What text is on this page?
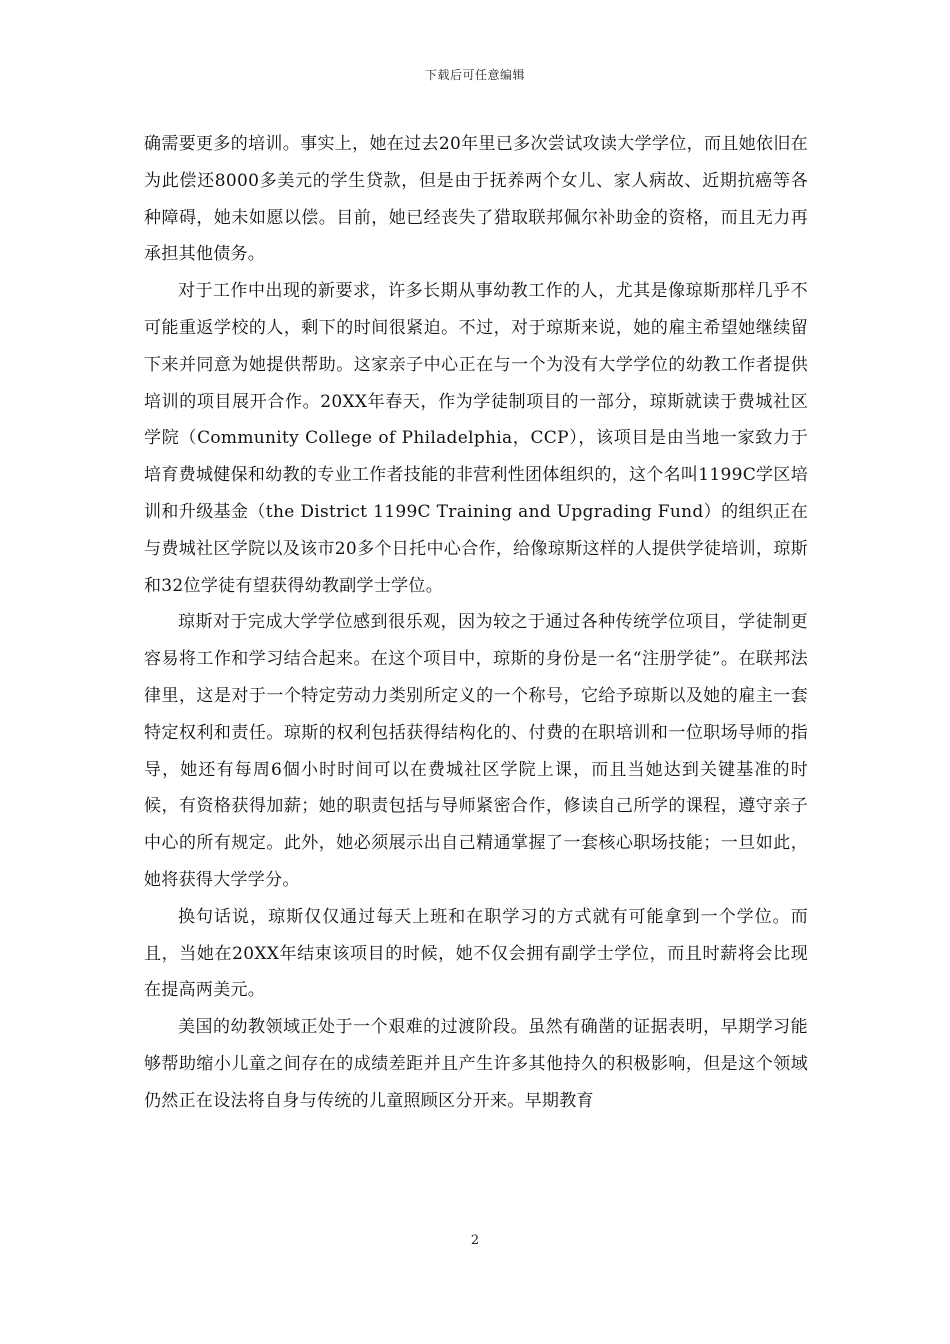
下载后可任意编辑

确需要更多的培训。事实上，她在过去20年里已多次尝试攻读大学学位，而且她依旧在为此偿还8000多美元的学生贷款，但是由于抚养两个女儿、家人病故、近期抗癌等各种障碍，她未如愿以偿。目前，她已经丧失了猎取联邦佩尔补助金的资格，而且无力再承担其他债务。

对于工作中出现的新要求，许多长期从事幼教工作的人，尤其是像琼斯那样几乎不可能重返学校的人，剩下的时间很紧迫。不过，对于琼斯来说，她的雇主希望她继续留下来并同意为她提供帮助。这家亲子中心正在与一个为没有大学学位的幼教工作者提供培训的项目展开合作。20XX年春天，作为学徒制项目的一部分，琼斯就读于费城社区学院（Community College of Philadelphia，CCP），该项目是由当地一家致力于培育费城健保和幼教的专业工作者技能的非营利性团体组织的，这个名叫1199C学区培训和升级基金（the District 1199C Training and Upgrading Fund）的组织正在与费城社区学院以及该市20多个日托中心合作，给像琼斯这样的人提供学徒培训，琼斯和32位学徒有望获得幼教副学士学位。

琼斯对于完成大学学位感到很乐观，因为较之于通过各种传统学位项目，学徒制更容易将工作和学习结合起来。在这个项目中，琼斯的身份是一名“注册学徒”。在联邦法律里，这是对于一个特定劳动力类别所定义的一个称号，它给予琼斯以及她的雇主一套特定权利和责任。琼斯的权利包括获得结构化的、付费的在职培训和一位职场导师的指导，她还有每周6個小时时间可以在费城社区学院上课，而且当她达到关键基准的时候，有资格获得加薪；她的职责包括与导师紧密合作，修读自己所学的课程，遵守亲子中心的所有规定。此外，她必须展示出自己精通掌握了一套核心职场技能；一旦如此，她将获得大学学分。

换句话说，琼斯仅仅通过每天上班和在职学习的方式就有可能拿到一个学位。而且，当她在20XX年结束该项目的时候，她不仅会拥有副学士学位，而且时薪将会比现在提高两美元。

美国的幼教领域正处于一个艰难的过渡阶段。虽然有确凿的证据表明，早期学习能够帮助缩小儿童之间存在的成绩差距并且产生许多其他持久的积极影响，但是这个领域仍然正在设法将自身与传统的儿童照顾区分开来。早期教育

2
